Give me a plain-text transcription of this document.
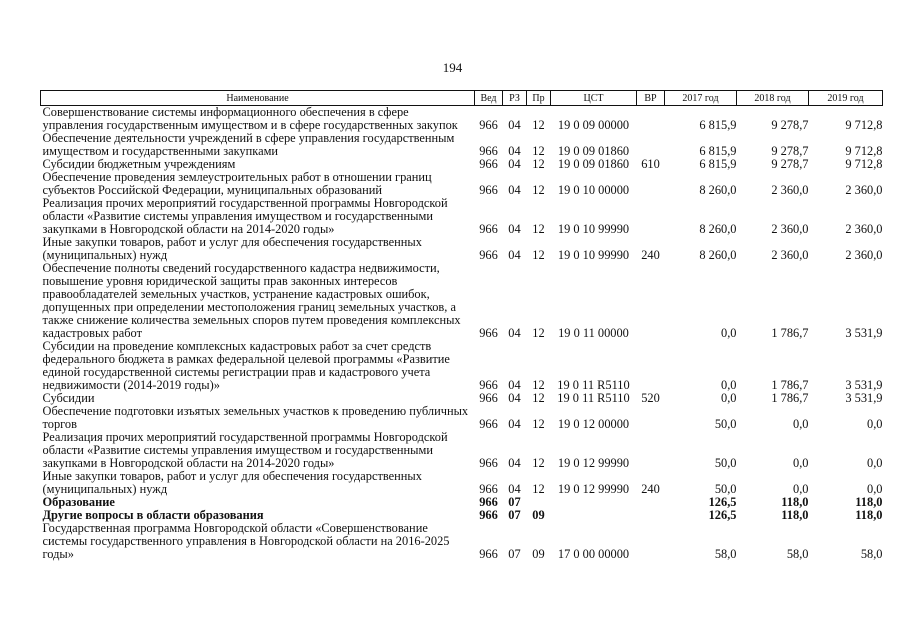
194
Наименование	Вед	РЗ	Пр	ЦСТ	ВР	2017 год	2018 год	2019 год
Совершенствование системы информационного обеспечения в сфере управления государственным имуществом и в сфере государственных закупок	966	04	12	19 0 09 00000		6 815,9	9 278,7	9 712,8
Обеспечение деятельности учреждений в сфере управления государственным имуществом и государственными закупками	966	04	12	19 0 09 01860		6 815,9	9 278,7	9 712,8
Субсидии бюджетным учреждениям	966	04	12	19 0 09 01860	610	6 815,9	9 278,7	9 712,8
Обеспечение проведения землеустроительных работ в отношении границ субъектов Российской Федерации, муниципальных образований	966	04	12	19 0 10 00000		8 260,0	2 360,0	2 360,0
Реализация прочих мероприятий государственной программы Новгородской области «Развитие системы управления имуществом и государственными закупками в Новгородской области на 2014-2020 годы»	966	04	12	19 0 10 99990		8 260,0	2 360,0	2 360,0
Иные закупки товаров, работ и услуг для обеспечения государственных (муниципальных) нужд	966	04	12	19 0 10 99990	240	8 260,0	2 360,0	2 360,0
Обеспечение полноты сведений государственного кадастра недвижимости, повышение уровня юридической защиты прав законных интересов правообладателей земельных участков, устранение кадастровых ошибок, допущенных при определении местоположения границ земельных участков, а также снижение количества земельных споров путем проведения комплексных кадастровых работ	966	04	12	19 0 11 00000		0,0	1 786,7	3 531,9
Субсидии на проведение комплексных кадастровых работ за счет средств федерального бюджета в рамках федеральной целевой программы «Развитие единой государственной системы регистрации прав и кадастрового учета недвижимости (2014-2019 годы)»	966	04	12	19 0 11 R5110		0,0	1 786,7	3 531,9
Субсидии	966	04	12	19 0 11 R5110	520	0,0	1 786,7	3 531,9
Обеспечение подготовки изъятых земельных участков к проведению публичных торгов	966	04	12	19 0 12 00000		50,0	0,0	0,0
Реализация прочих мероприятий государственной программы Новгородской области «Развитие системы управления имуществом и государственными закупками в Новгородской области на 2014-2020 годы»	966	04	12	19 0 12 99990		50,0	0,0	0,0
Иные закупки товаров, работ и услуг для обеспечения государственных (муниципальных) нужд	966	04	12	19 0 12 99990	240	50,0	0,0	0,0
Образование	966	07				126,5	118,0	118,0
Другие вопросы в области образования	966	07	09			126,5	118,0	118,0
Государственная программа Новгородской области «Совершенствование системы государственного управления в Новгородской области на 2016-2025 годы»	966	07	09	17 0 00 00000		58,0	58,0	58,0
